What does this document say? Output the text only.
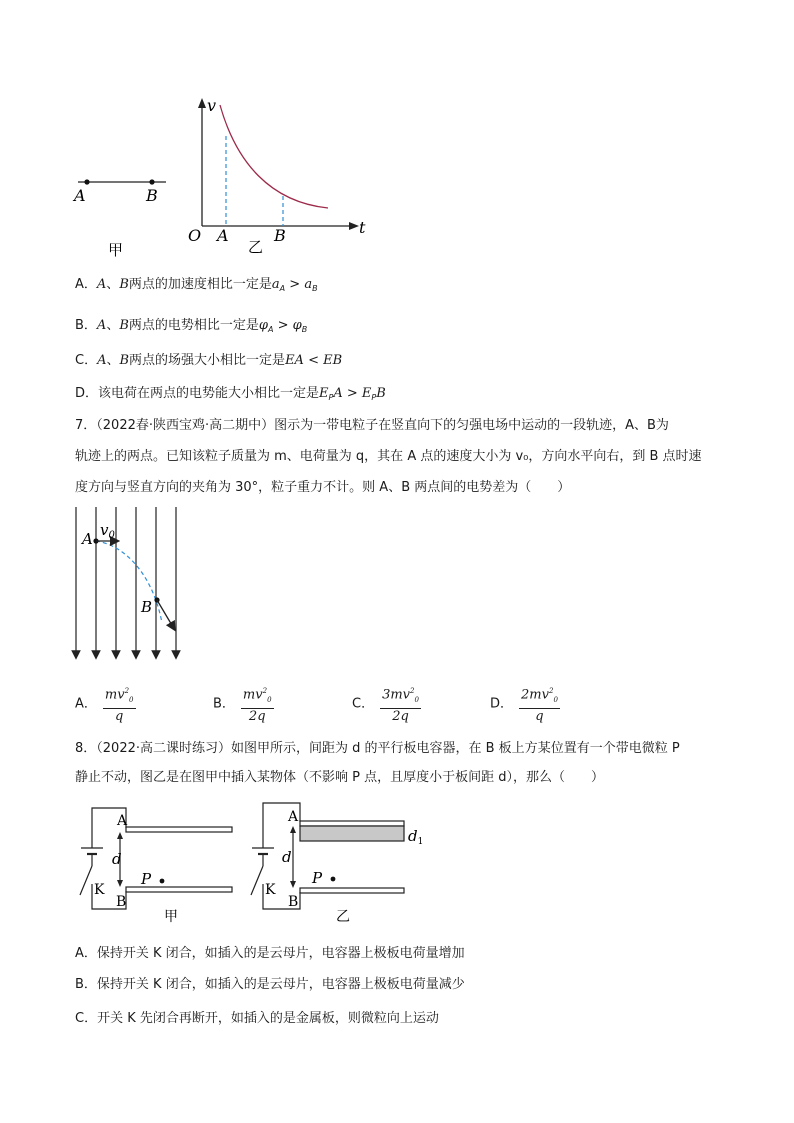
A	B
甲
v
t
O A	B
乙
A．A、B两点的加速度相比一定是$a_A > a_B$
B．A、B两点的电势相比一定是$\varphi_A > \varphi_B$
C．A、B两点的场强大小相比一定是EA < EB
D．该电荷在两点的电势能大小相比一定是$E_PA > E_PB$
7．（2022春·陕西宝鸡·高二期中）图示为一带电粒子在竖直向下的匀强电场中运动的一段轨迹，A、B为
轨迹上的两点。已知该粒子质量为 m、电荷量为 q，其在 A 点的速度大小为 v₀，方向水平向右，到 B 点时速
度方向与竖直方向的夹角为 30°，粒子重力不计。则 A、B 两点间的电势差为（　　）
A $v_0$
B
A． $\frac{mv^2_0}{q}$	B． $\frac{mv^2_0}{2q}$	C． $\frac{3mv^2_0}{2q}$	D． $\frac{2mv^2_0}{q}$
8．（2022·高二课时练习）如图甲所示，间距为 d 的平行板电容器，在 B 板上方某位置有一个带电微粒 P
静止不动，图乙是在图甲中插入某物体（不影响 P 点，且厚度小于板间距 d），那么（　　）
A
B
d
K
P
甲
A
B
d
$d_1$
K
P
乙
A．保持开关 K 闭合，如插入的是云母片，电容器上极板电荷量增加
B．保持开关 K 闭合，如插入的是云母片，电容器上极板电荷量减少
C．开关 K 先闭合再断开，如插入的是金属板，则微粒向上运动
